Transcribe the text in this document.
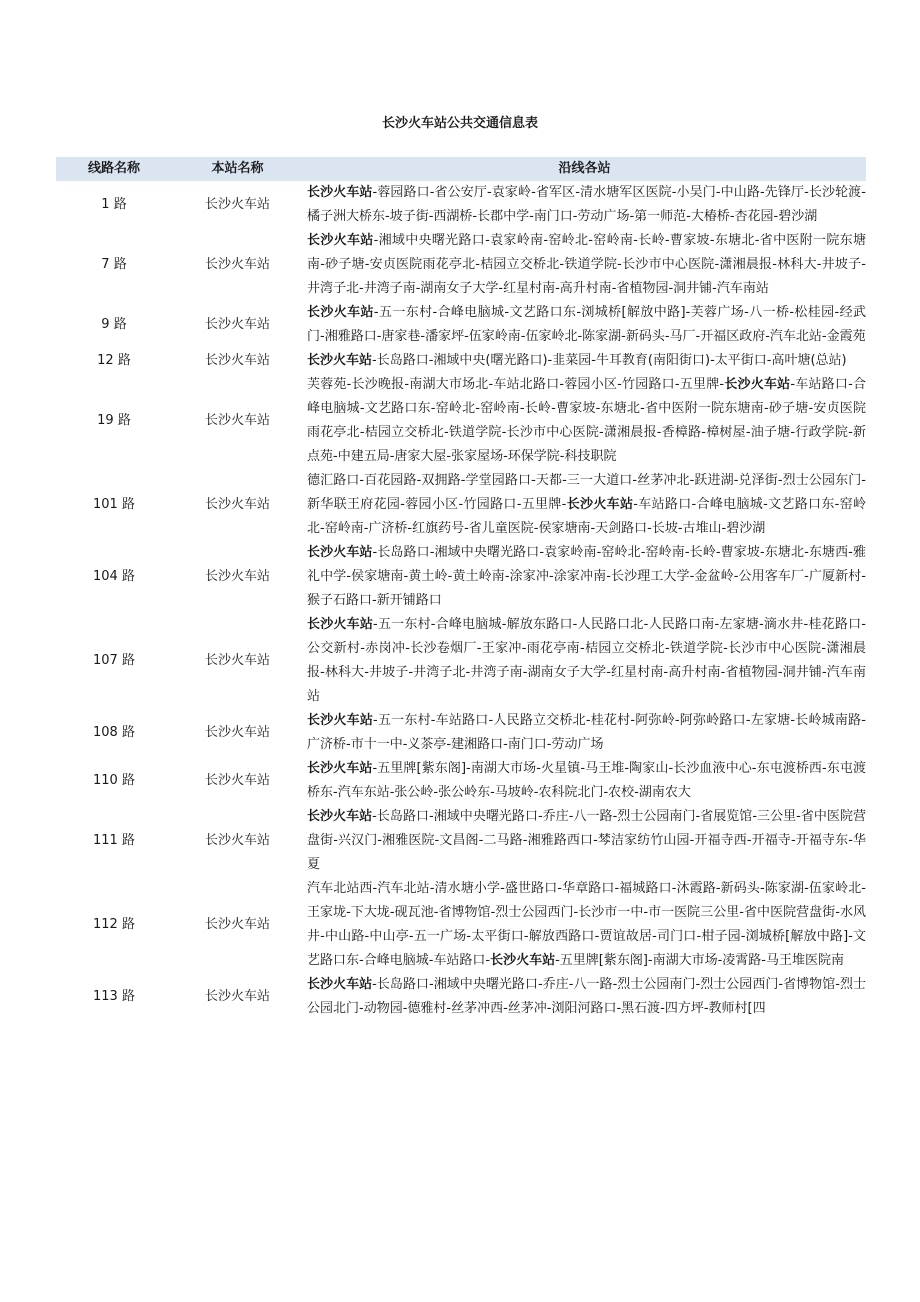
长沙火车站公共交通信息表
线路名称	本站名称	沿线各站
1 路	长沙火车站	长沙火车站-蓉园路口-省公安厅-袁家岭-省军区-清水塘军区医院-小吴门-中山路-先锋厅-长沙轮渡-橘子洲大桥东-坡子街-西湖桥-长郡中学-南门口-劳动广场-第一师范-大椿桥-杏花园-碧沙湖
7 路	长沙火车站	长沙火车站-湘域中央曙光路口-袁家岭南-窑岭北-窑岭南-长岭-曹家坡-东塘北-省中医附一院东塘南-砂子塘-安贞医院雨花亭北-桔园立交桥北-铁道学院-长沙市中心医院-潇湘晨报-林科大-井坡子-井湾子北-井湾子南-湖南女子大学-红星村南-高升村南-省植物园-洞井铺-汽车南站
9 路	长沙火车站	长沙火车站-五一东村-合峰电脑城-文艺路口东-浏城桥[解放中路]-芙蓉广场-八一桥-松桂园-经武门-湘雅路口-唐家巷-潘家坪-伍家岭南-伍家岭北-陈家湖-新码头-马厂-开福区政府-汽车北站-金霞苑
12 路	长沙火车站	长沙火车站-长岛路口-湘域中央(曙光路口)-韭菜园-牛耳教育(南阳街口)-太平街口-高叶塘(总站)
19 路	长沙火车站	芙蓉苑-长沙晚报-南湖大市场北-车站北路口-蓉园小区-竹园路口-五里牌-长沙火车站-车站路口-合峰电脑城-文艺路口东-窑岭北-窑岭南-长岭-曹家坡-东塘北-省中医附一院东塘南-砂子塘-安贞医院雨花亭北-桔园立交桥北-铁道学院-长沙市中心医院-潇湘晨报-香樟路-樟树屋-油子塘-行政学院-新点苑-中建五局-唐家大屋-张家屋场-环保学院-科技职院
101 路	长沙火车站	德汇路口-百花园路-双拥路-学堂园路口-天都-三一大道口-丝茅冲北-跃进湖-兑泽街-烈士公园东门-新华联王府花园-蓉园小区-竹园路口-五里牌-长沙火车站-车站路口-合峰电脑城-文艺路口东-窑岭北-窑岭南-广济桥-红旗药号-省儿童医院-侯家塘南-天剑路口-长坡-古堆山-碧沙湖
104 路	长沙火车站	长沙火车站-长岛路口-湘域中央曙光路口-袁家岭南-窑岭北-窑岭南-长岭-曹家坡-东塘北-东塘西-雅礼中学-侯家塘南-黄土岭-黄土岭南-涂家冲-涂家冲南-长沙理工大学-金盆岭-公用客车厂-广厦新村-猴子石路口-新开铺路口
107 路	长沙火车站	长沙火车站-五一东村-合峰电脑城-解放东路口-人民路口北-人民路口南-左家塘-滴水井-桂花路口-公交新村-赤岗冲-长沙卷烟厂-王家冲-雨花亭南-桔园立交桥北-铁道学院-长沙市中心医院-潇湘晨报-林科大-井坡子-井湾子北-井湾子南-湖南女子大学-红星村南-高升村南-省植物园-洞井铺-汽车南站
108 路	长沙火车站	长沙火车站-五一东村-车站路口-人民路立交桥北-桂花村-阿弥岭-阿弥岭路口-左家塘-长岭城南路-广济桥-市十一中-义茶亭-建湘路口-南门口-劳动广场
110 路	长沙火车站	长沙火车站-五里牌[紫东阁]-南湖大市场-火星镇-马王堆-陶家山-长沙血液中心-东屯渡桥西-东屯渡桥东-汽车东站-张公岭-张公岭东-马坡岭-农科院北门-农校-湖南农大
111 路	长沙火车站	长沙火车站-长岛路口-湘域中央曙光路口-乔庄-八一路-烈士公园南门-省展览馆-三公里-省中医院营盘街-兴汉门-湘雅医院-文昌阁-二马路-湘雅路西口-棽洁家纺竹山园-开福寺西-开福寺-开福寺东-华夏
112 路	长沙火车站	汽车北站西-汽车北站-清水塘小学-盛世路口-华章路口-福城路口-沐霞路-新码头-陈家湖-伍家岭北-王家垅-下大垅-砚瓦池-省博物馆-烈士公园西门-长沙市一中-市一医院三公里-省中医院营盘街-水风井-中山路-中山亭-五一广场-太平街口-解放西路口-贾谊故居-司门口-柑子园-浏城桥[解放中路]-文艺路口东-合峰电脑城-车站路口-长沙火车站-五里牌[紫东阁]-南湖大市场-凌霄路-马王堆医院南
113 路	长沙火车站	长沙火车站-长岛路口-湘域中央曙光路口-乔庄-八一路-烈士公园南门-烈士公园西门-省博物馆-烈士公园北门-动物园-德雅村-丝茅冲西-丝茅冲-浏阳河路口-黑石渡-四方坪-教师村[四
